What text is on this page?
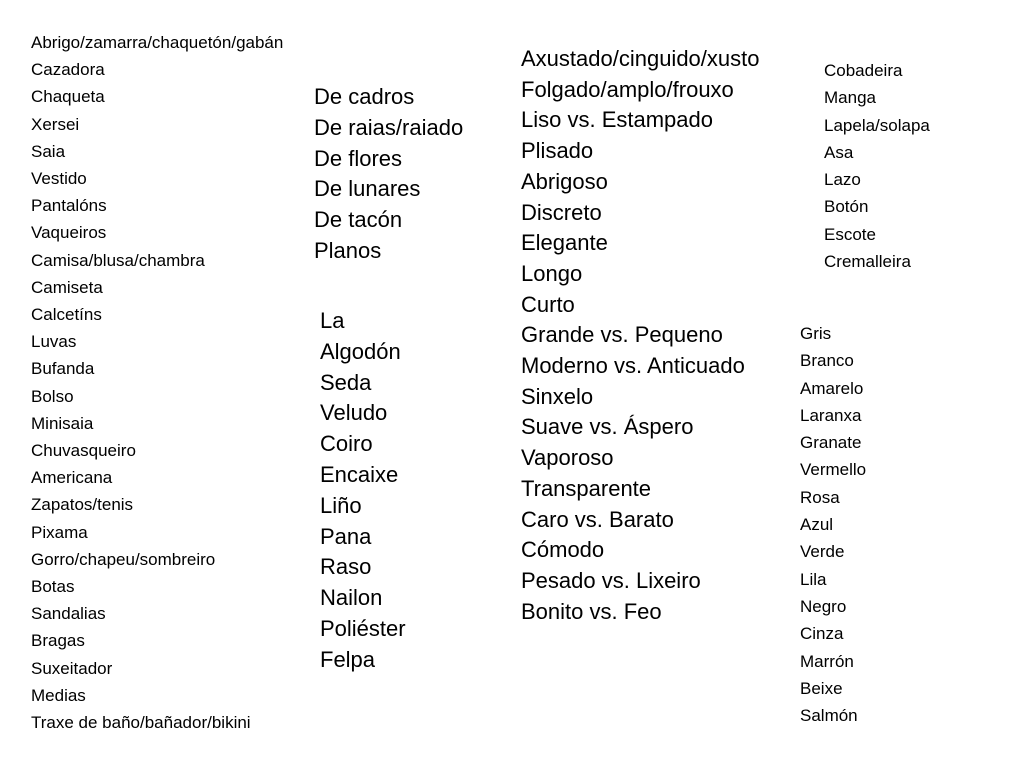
Abrigo/zamarra/chaquetón/gabán
Cazadora
Chaqueta
Xersei
Saia
Vestido
Pantalóns
Vaqueiros
Camisa/blusa/chambra
Camiseta
Calcetíns
Luvas
Bufanda
Bolso
Minisaia
Chuvasqueiro
Americana
Zapatos/tenis
Pixama
Gorro/chapeu/sombreiro
Botas
Sandalias
Bragas
Suxeitador
Medias
Traxe de baño/bañador/bikini
De cadros
De raias/raiado
De flores
De lunares
De tacón
Planos
La
Algodón
Seda
Veludo
Coiro
Encaixe
Liño
Pana
Raso
Nailon
Poliéster
Felpa
Axustado/cinguido/xusto
Folgado/amplo/frouxo
Liso vs. Estampado
Plisado
Abrigoso
Discreto
Elegante
Longo
Curto
Grande vs. Pequeno
Moderno vs. Anticuado
Sinxelo
Suave vs. Áspero
Vaporoso
Transparente
Caro vs. Barato
Cómodo
Pesado vs. Lixeiro
Bonito vs. Feo
Cobadeira
Manga
Lapela/solapa
Asa
Lazo
Botón
Escote
Cremalleira
Gris
Branco
Amarelo
Laranxa
Granate
Vermello
Rosa
Azul
Verde
Lila
Negro
Cinza
Marrón
Beixe
Salmón
